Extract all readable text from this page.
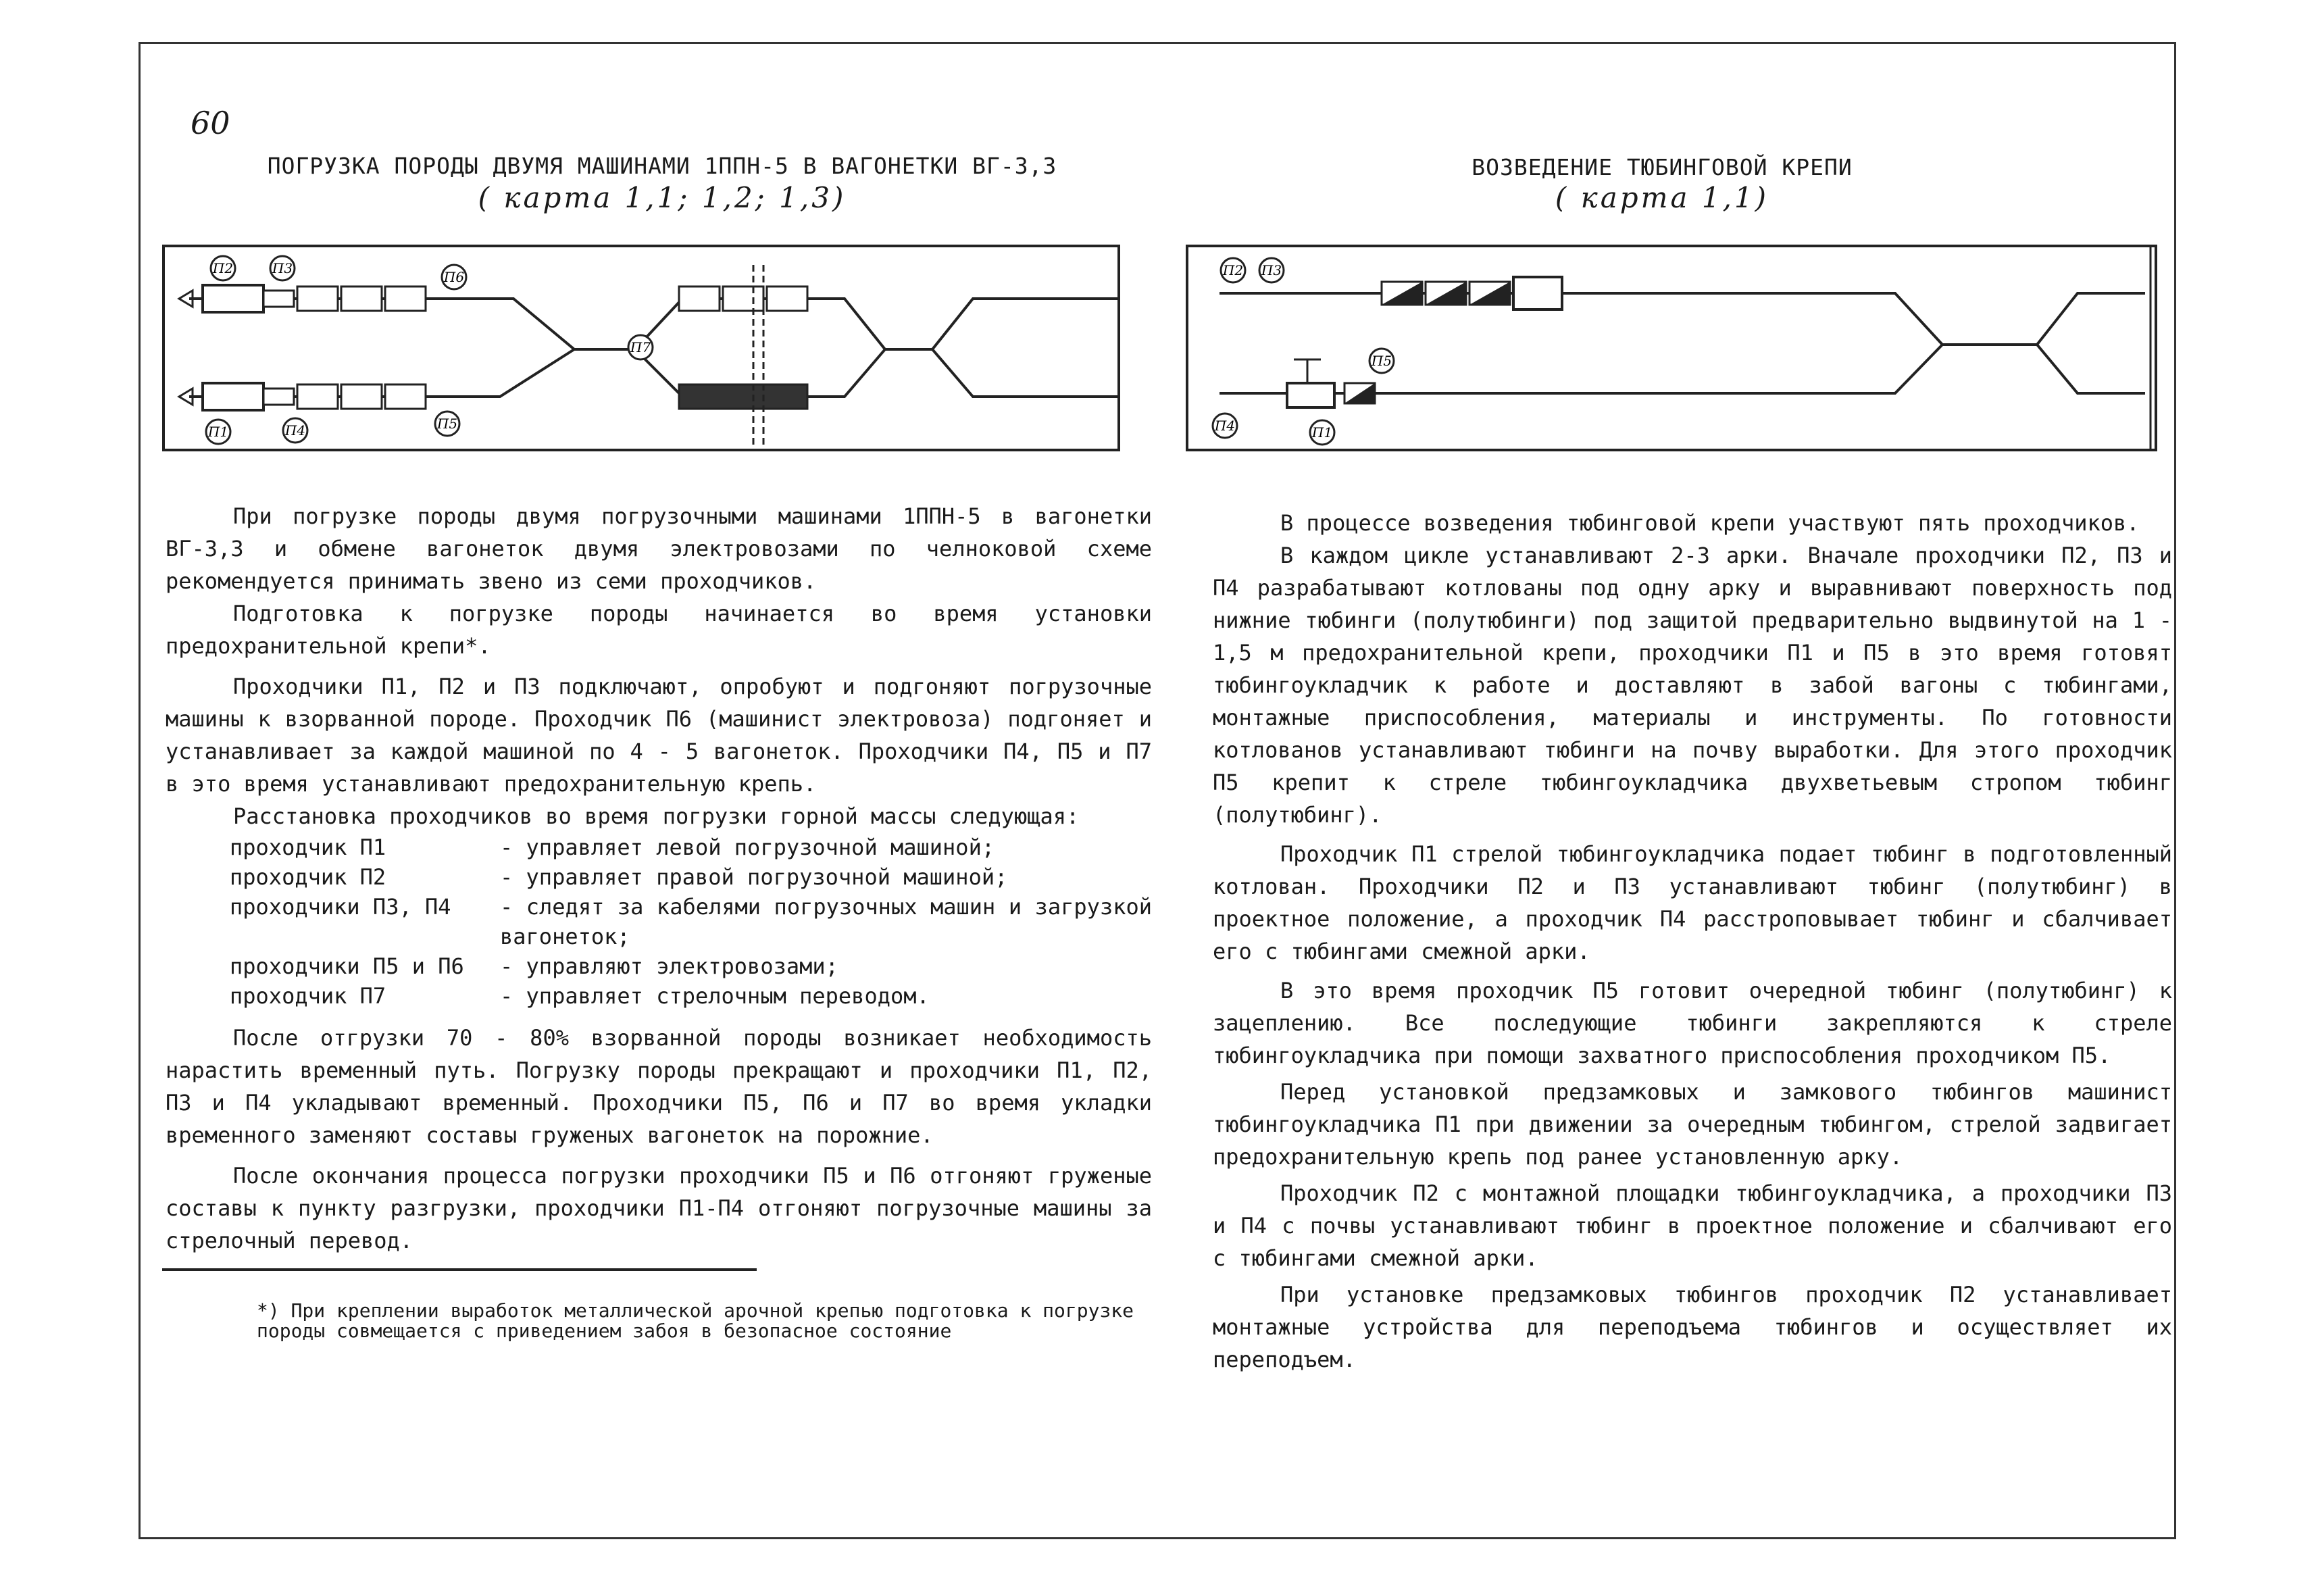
60
ПОГРУЗКА ПОРОДЫ ДВУМЯ МАШИНАМИ 1ППН-5 В ВАГОНЕТКИ ВГ-3,3
( карта 1,1; 1,2; 1,3)
П2	П3
П6
П7
П1	П4	П5

При погрузке породы двумя погрузочными машинами 1ППН-5 в вагонетки ВГ-3,3 и обмене вагонеток двумя электровозами по челноковой схеме рекомендуется принимать звено из семи проходчиков.

Подготовка к погрузке породы начинается во время установки предохранительной крепи*.

Проходчики П1, П2 и П3 подключают, опробуют и подгоняют погрузочные машины к взорванной породе. Проходчик П6 (машинист электровоза) подгоняет и устанавливает за каждой машиной по 4 - 5 вагонеток. Проходчики П4, П5 и П7 в это время устанавливают предохранительную крепь.

Расстановка проходчиков во время погрузки горной массы следующая:

проходчик П1	- управляет левой погрузочной машиной;
проходчик П2	- управляет правой погрузочной машиной;
проходчики П3, П4	- следят за кабелями погрузочных машин и загрузкой вагонеток;
проходчики П5 и П6	- управляют электровозами;
проходчик П7	- управляет стрелочным переводом.

После отгрузки 70 - 80% взорванной породы возникает необходимость нарастить временный путь. Погрузку породы прекращают и проходчики П1, П2, П3 и П4 укладывают временный. Проходчики П5, П6 и П7 во время укладки временного заменяют составы груженых вагонеток на порожние.

После окончания процесса погрузки проходчики П5 и П6 отгоняют груженые составы к пункту разгрузки, проходчики П1-П4 отгоняют погрузочные машины за стрелочный перевод.

*) При креплении выработок металлической арочной крепью подготовка к погрузке породы совмещается с приведением забоя в безопасное состояние
ВОЗВЕДЕНИЕ ТЮБИНГОВОЙ КРЕПИ
( карта 1,1)
П2 П3
П5
П4	П1

В процессе возведения тюбинговой крепи участвуют пять проходчиков.

В каждом цикле устанавливают 2-3 арки. Вначале проходчики П2, П3 и П4 разрабатывают котлованы под одну арку и выравнивают поверхность под нижние тюбинги (полутюбинги) под защитой предварительно выдвинутой на 1 - 1,5 м предохранительной крепи, проходчики П1 и П5 в это время готовят тюбингоукладчик к работе и доставляют в забой вагоны с тюбингами, монтажные приспособления, материалы и инструменты. По готовности котлованов устанавливают тюбинги на почву выработки. Для этого проходчик П5 крепит к стреле тюбингоукладчика двухветьевым стропом тюбинг (полутюбинг).

Проходчик П1 стрелой тюбингоукладчика подает тюбинг в подготовленный котлован. Проходчики П2 и П3 устанавливают тюбинг (полутюбинг) в проектное положение, а проходчик П4 расстроповывает тюбинг и сбалчивает его с тюбингами смежной арки.

В это время проходчик П5 готовит очередной тюбинг (полутюбинг) к зацеплению. Все последующие тюбинги закрепляются к стреле тюбингоукладчика при помощи захватного приспособления проходчиком П5.

Перед установкой предзамковых и замкового тюбингов машинист тюбингоукладчика П1 при движении за очередным тюбингом, стрелой задвигает предохранительную крепь под ранее установленную арку.

Проходчик П2 с монтажной площадки тюбингоукладчика, а проходчики П3 и П4 с почвы устанавливают тюбинг в проектное положение и сбалчивают его с тюбингами смежной арки.

При установке предзамковых тюбингов проходчик П2 устанавливает монтажные устройства для переподъема тюбингов и осуществляет их переподъем.
